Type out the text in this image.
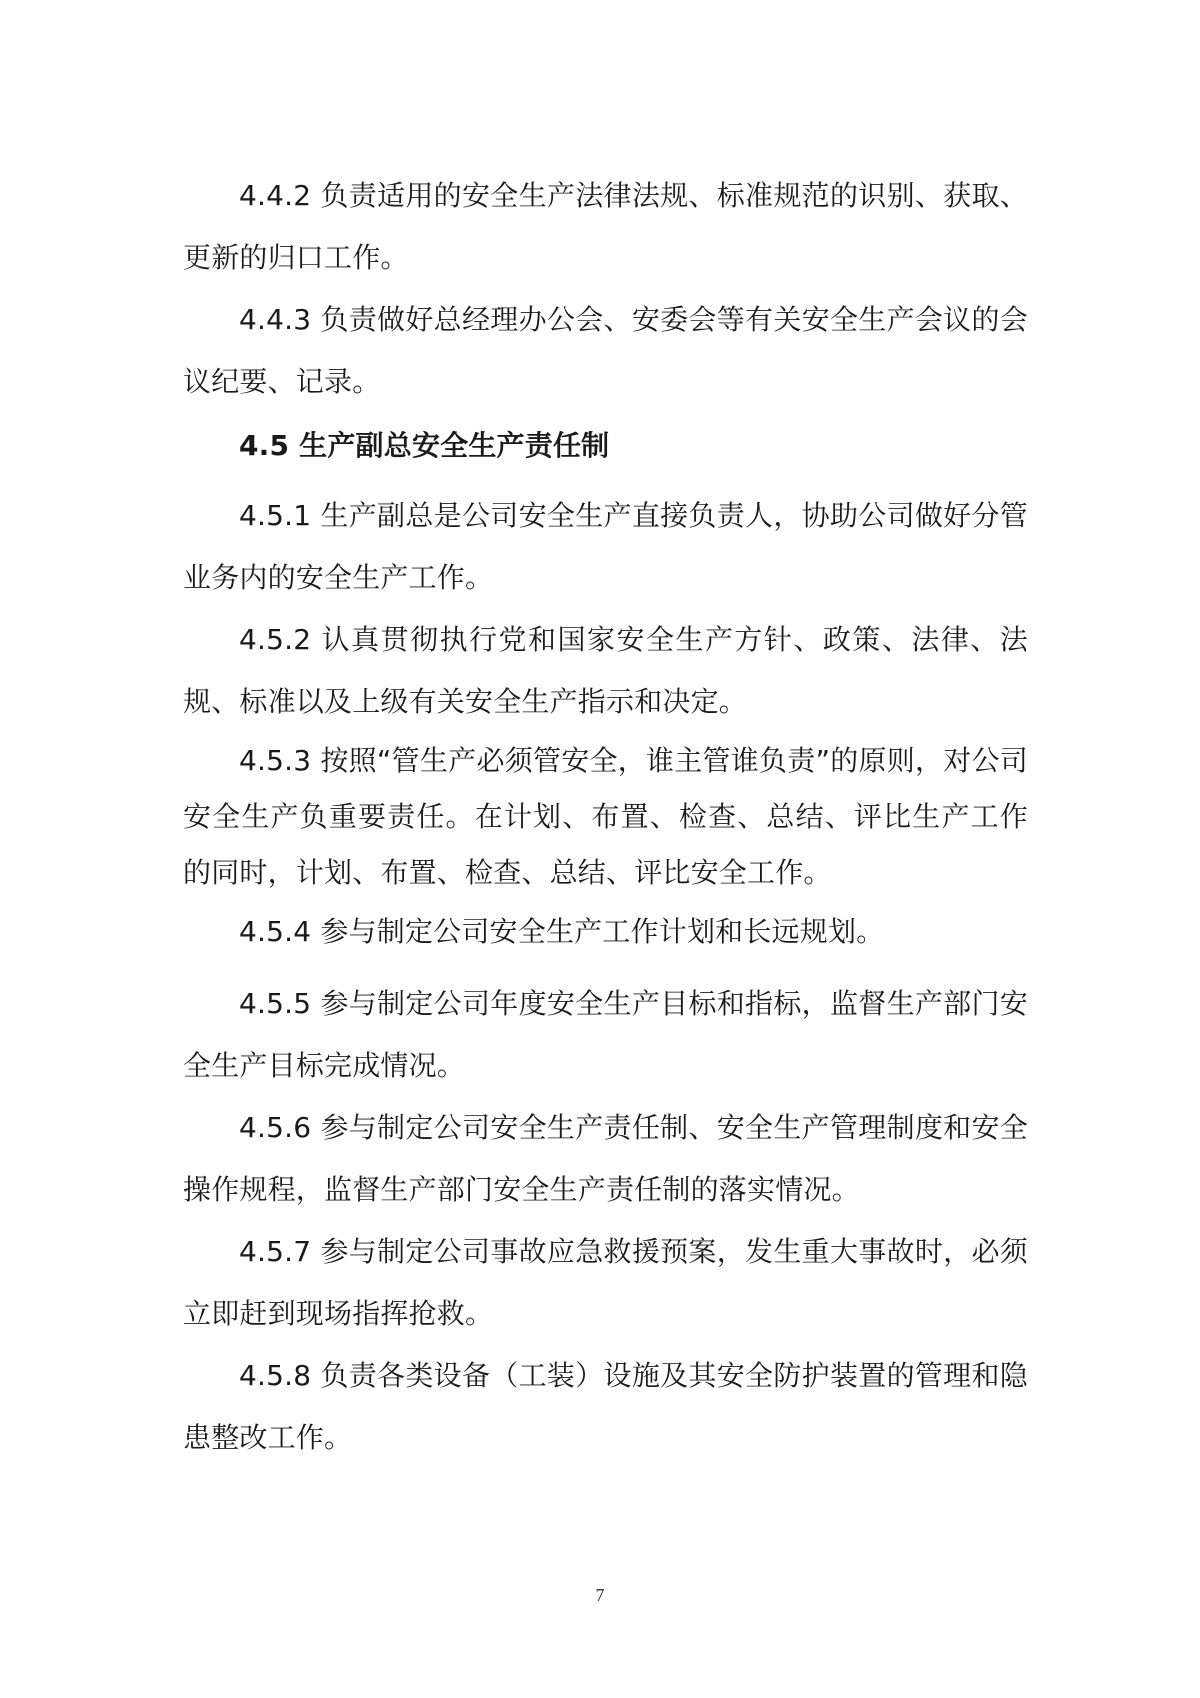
4.4.2 负责适用的安全生产法律法规、标准规范的识别、获取、更新的归口工作。

4.4.3 负责做好总经理办公会、安委会等有关安全生产会议的会议纪要、记录。

4.5 生产副总安全生产责任制

4.5.1 生产副总是公司安全生产直接负责人，协助公司做好分管业务内的安全生产工作。

4.5.2 认真贯彻执行党和国家安全生产方针、政策、法律、法规、标准以及上级有关安全生产指示和决定。

4.5.3 按照“管生产必须管安全，谁主管谁负责”的原则，对公司安全生产负重要责任。在计划、布置、检查、总结、评比生产工作的同时，计划、布置、检查、总结、评比安全工作。

4.5.4 参与制定公司安全生产工作计划和长远规划。

4.5.5 参与制定公司年度安全生产目标和指标，监督生产部门安全生产目标完成情况。

4.5.6 参与制定公司安全生产责任制、安全生产管理制度和安全操作规程，监督生产部门安全生产责任制的落实情况。

4.5.7 参与制定公司事故应急救援预案，发生重大事故时，必须立即赶到现场指挥抢救。

4.5.8 负责各类设备（工装）设施及其安全防护装置的管理和隐患整改工作。

7
